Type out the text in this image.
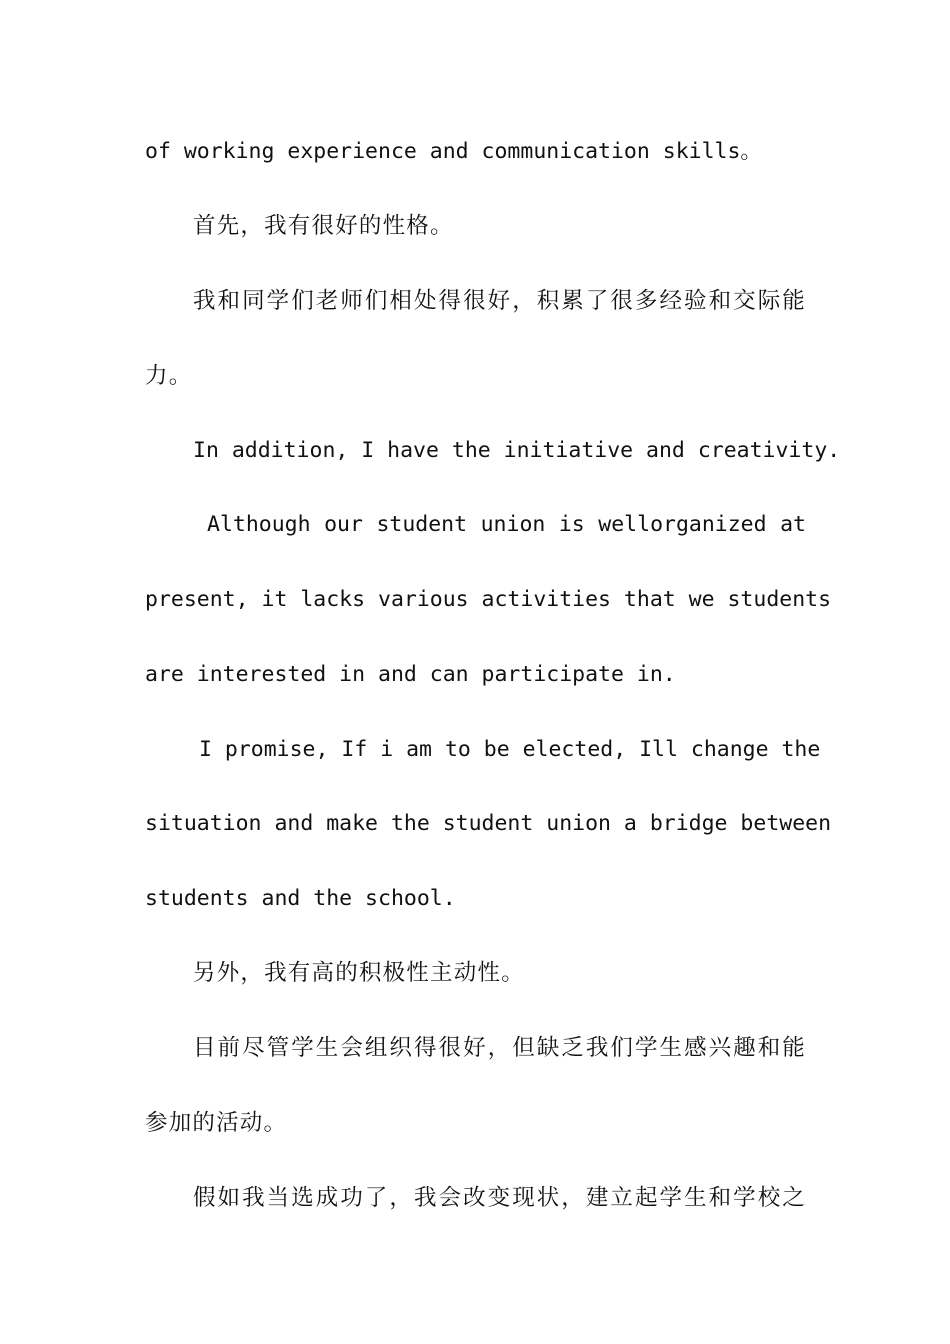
of working experience and communication skills。
首先，我有很好的性格。
我和同学们老师们相处得很好，积累了很多经验和交际能
力。
In addition, I have the initiative and creativity.
Although our student union is wellorganized at
present, it lacks various activities that we students
are interested in and can participate in.
I promise, If i am to be elected, Ill change the
situation and make the student union a bridge between
students and the school.
另外，我有高的积极性主动性。
目前尽管学生会组织得很好，但缺乏我们学生感兴趣和能
参加的活动。
假如我当选成功了，我会改变现状，建立起学生和学校之
